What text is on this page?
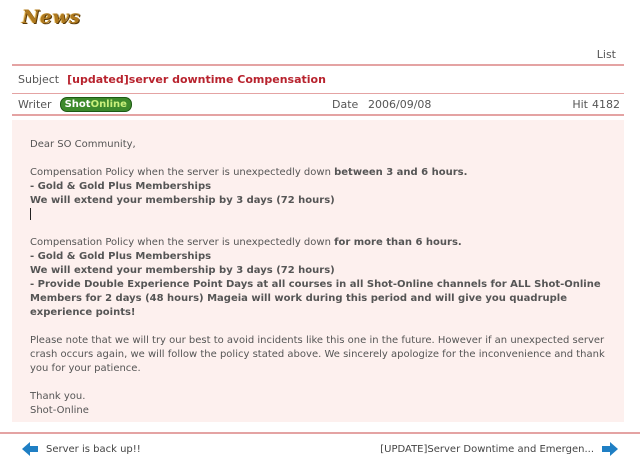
News
List
Subject [updated]server downtime Compensation
Writer	ShotOnline	Date 2006/09/08	Hit 4182
Dear SO Community,
Compensation Policy when the server is unexpectedly down between 3 and 6 hours.
- Gold & Gold Plus Memberships
We will extend your membership by 3 days (72 hours)
Compensation Policy when the server is unexpectedly down for more than 6 hours.
- Gold & Gold Plus Memberships
We will extend your membership by 3 days (72 hours)
- Provide Double Experience Point Days at all courses in all Shot-Online channels for ALL Shot-Online Members for 2 days (48 hours) Mageia will work during this period and will give you quadruple experience points!
Please note that we will try our best to avoid incidents like this one in the future. However if an unexpected server crash occurs again, we will follow the policy stated above. We sincerely apologize for the inconvenience and thank you for your patience.
Thank you.
Shot-Online
Server is back up!!	[UPDATE]Server Downtime and Emergen...
